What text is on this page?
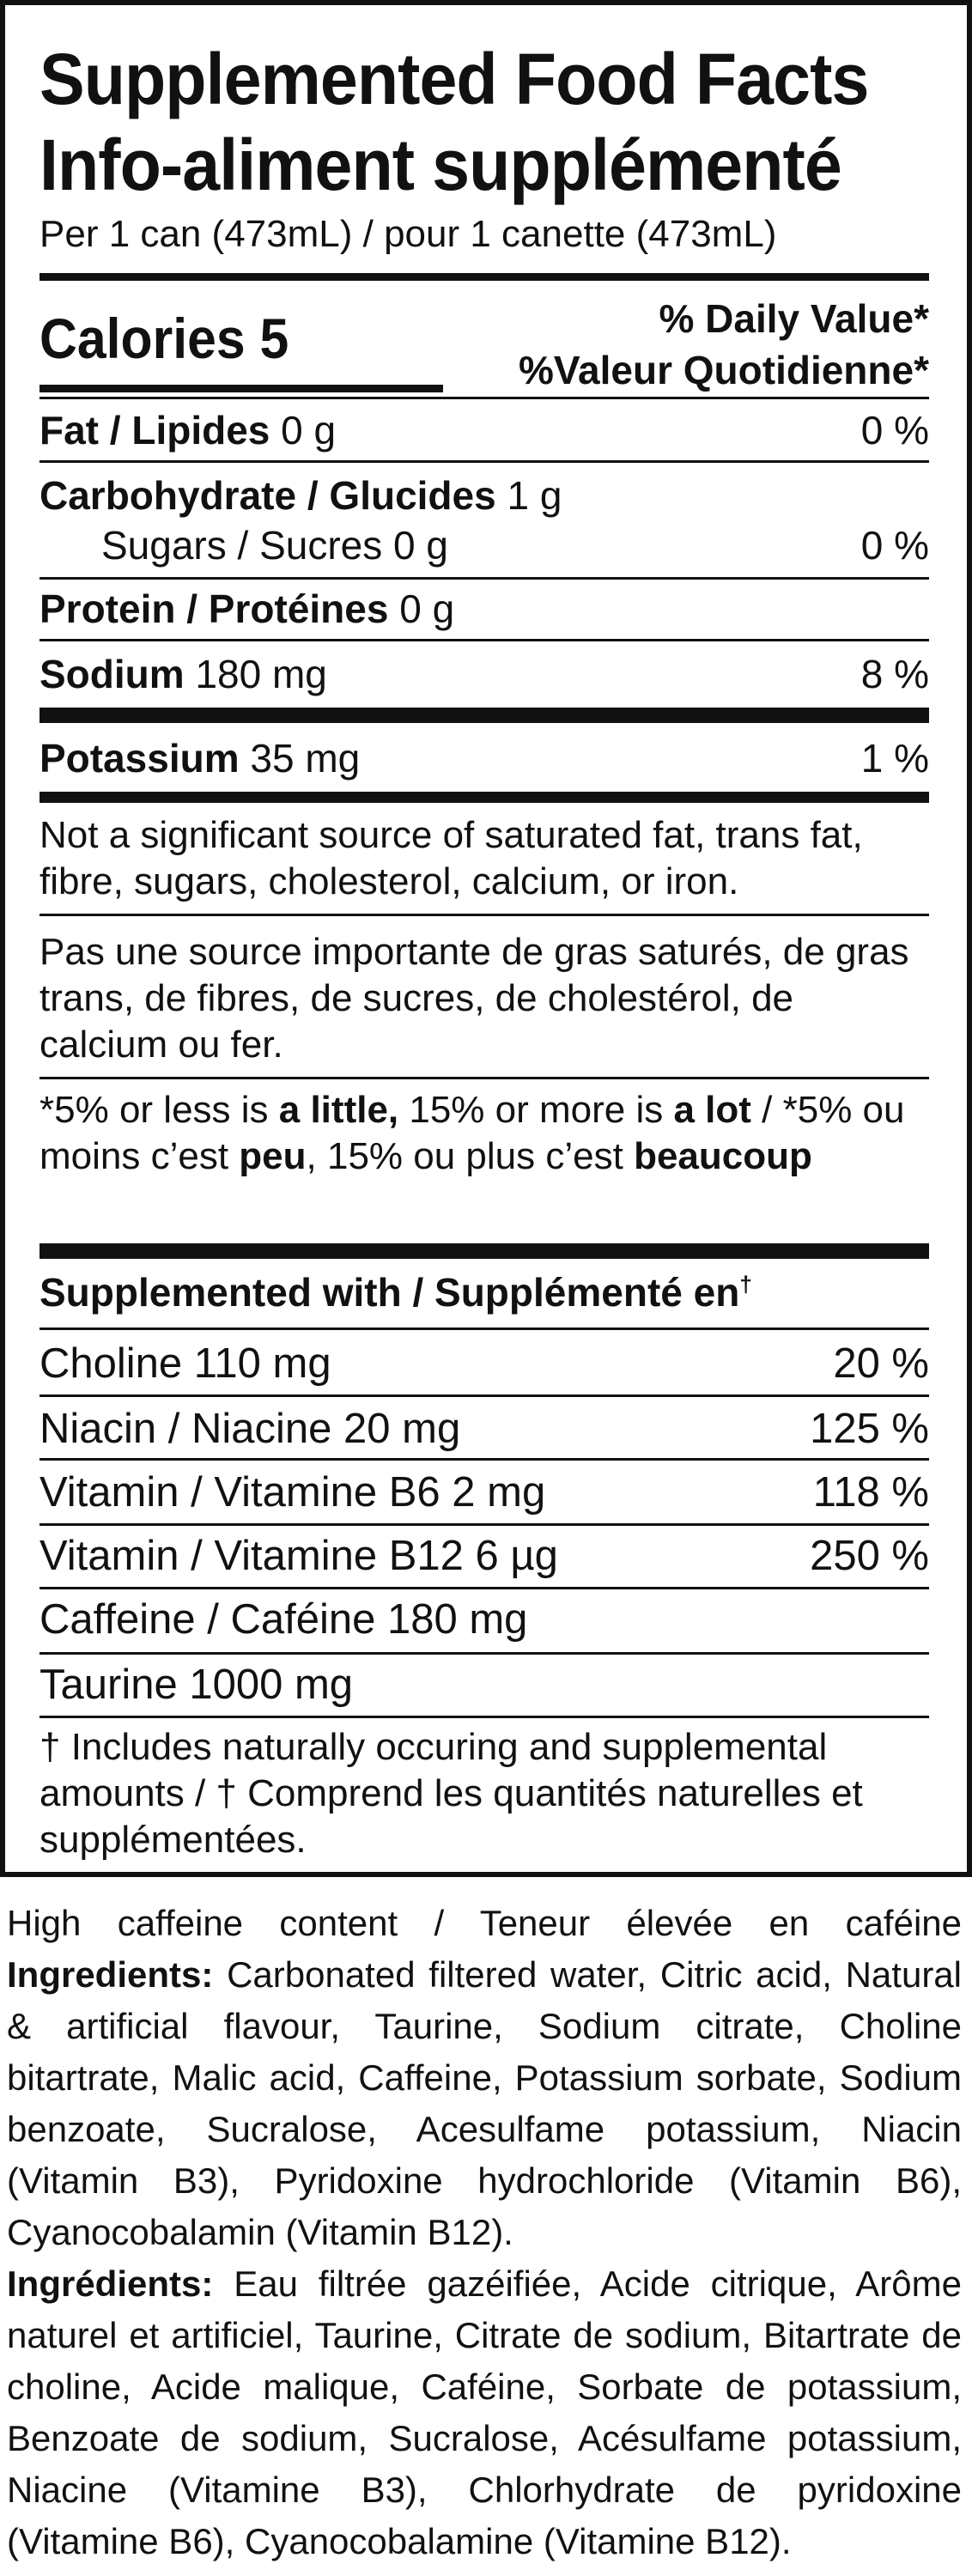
Supplemented Food Facts
Info-aliment supplémenté
Per 1 can (473mL) / pour 1 canette (473mL)
Calories 5	% Daily Value*
%Valeur Quotidienne*
Fat / Lipides 0 g	0 %
Carbohydrate / Glucides 1 g
Sugars / Sucres 0 g	0 %
Protein / Protéines 0 g
Sodium 180 mg	8 %
Potassium 35 mg	1 %
Not a significant source of saturated fat, trans fat, fibre, sugars, cholesterol, calcium, or iron.
Pas une source importante de gras saturés, de gras trans, de fibres, de sucres, de cholestérol, de calcium ou fer.
*5% or less is a little, 15% or more is a lot / *5% ou moins c’est peu, 15% ou plus c’est beaucoup
Supplemented with / Supplémenté en†
Choline 110 mg	20 %
Niacin / Niacine 20 mg	125 %
Vitamin / Vitamine B6 2 mg	118 %
Vitamin / Vitamine B12 6 µg	250 %
Caffeine / Caféine 180 mg
Taurine 1000 mg
† Includes naturally occuring and supplemental amounts / † Comprend les quantités naturelles et supplémentées.

High caffeine content / Teneur élevée en caféine

Ingredients: Carbonated filtered water, Citric acid, Natural & artificial flavour, Taurine, Sodium citrate, Choline bitartrate, Malic acid, Caffeine, Potassium sorbate, Sodium benzoate, Sucralose, Acesulfame potassium, Niacin (Vitamin B3), Pyridoxine hydrochloride (Vitamin B6), Cyanocobalamin (Vitamin B12).

Ingrédients: Eau filtrée gazéifiée, Acide citrique, Arôme naturel et artificiel, Taurine, Citrate de sodium, Bitartrate de choline, Acide malique, Caféine, Sorbate de potassium, Benzoate de sodium, Sucralose, Acésulfame potassium, Niacine (Vitamine B3), Chlorhydrate de pyridoxine (Vitamine B6), Cyanocobalamine (Vitamine B12).
